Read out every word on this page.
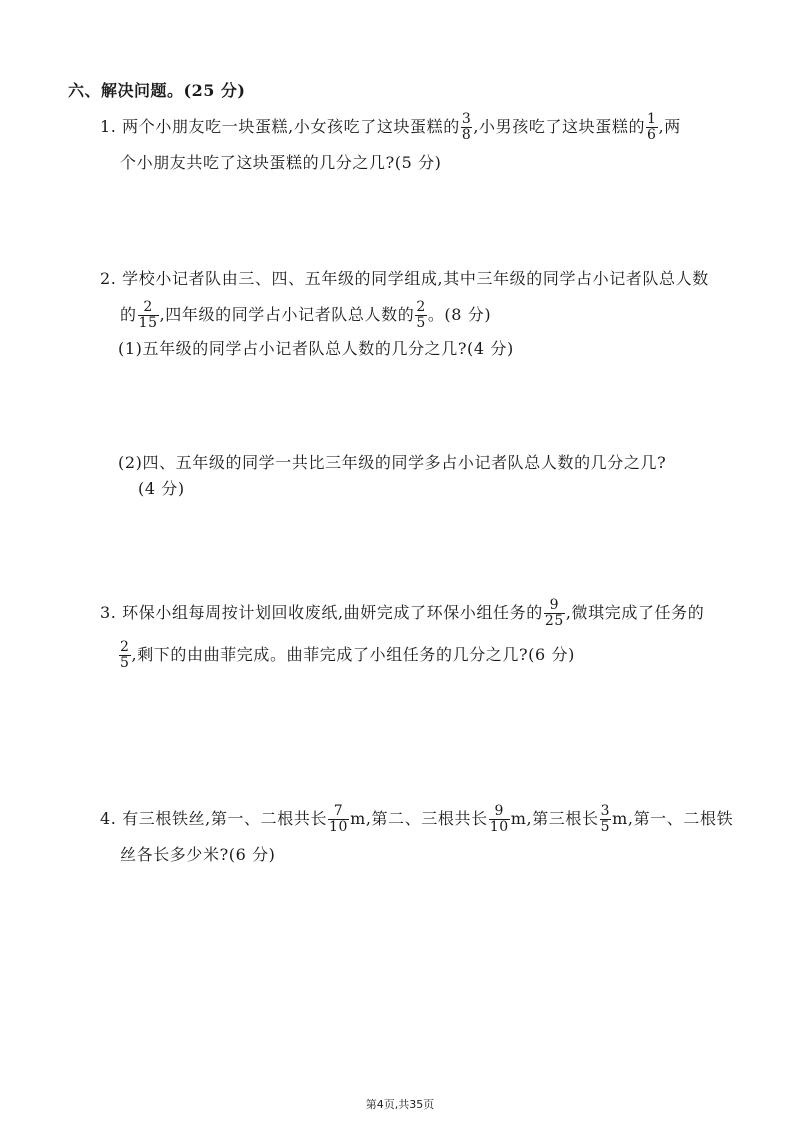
六、解决问题。(25 分)
1. 两个小朋友吃一块蛋糕,小女孩吃了这块蛋糕的 $\frac{3}{8}$ ,小男孩吃了这块蛋糕的 $\frac{1}{6}$ ,两
个小朋友共吃了这块蛋糕的几分之几?(5 分)
2. 学校小记者队由三、四、五年级的同学组成,其中三年级的同学占小记者队总人数
的 $\frac{2}{15}$ ,四年级的同学占小记者队总人数的 $\frac{2}{5}$ 。(8 分)
(1)五年级的同学占小记者队总人数的几分之几?(4 分)
(2)四、五年级的同学一共比三年级的同学多占小记者队总人数的几分之几?
(4 分)
3. 环保小组每周按计划回收废纸,曲妍完成了环保小组任务的 $\frac{9}{25}$ ,微琪完成了任务的
$\frac{2}{5}$ ,剩下的由曲菲完成。曲菲完成了小组任务的几分之几?(6 分)
4. 有三根铁丝,第一、二根共长 $\frac{7}{10} m$,第二、三根共长 $\frac{9}{10} m$,第三根长 $\frac{3}{5} m$,第一、二根铁
丝各长多少米?(6 分)
第4页,共35页
